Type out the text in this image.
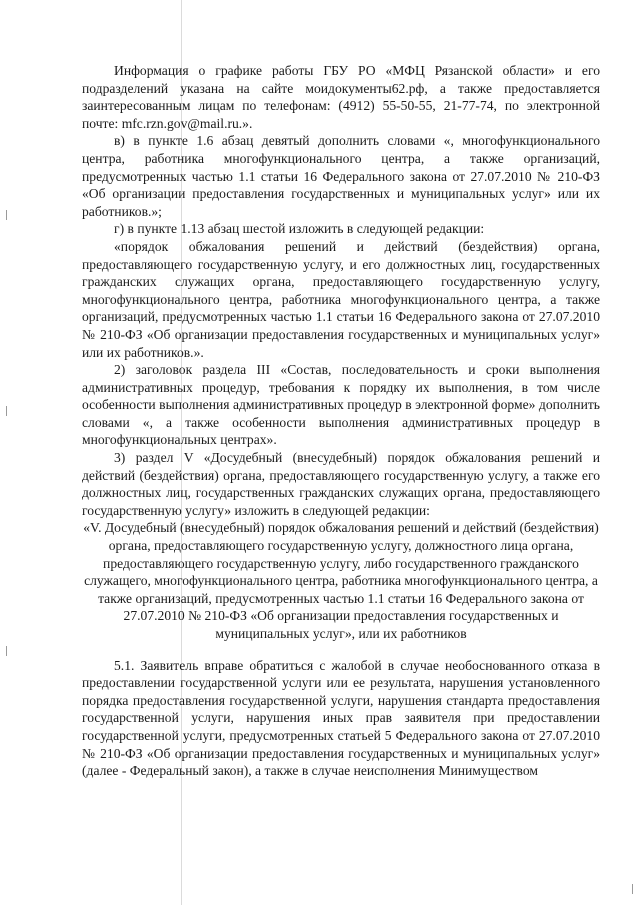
Информация о графике работы ГБУ РО «МФЦ Рязанской области» и его подразделений указана на сайте моидокументы62.рф, а также предоставляется заинтересованным лицам по телефонам: (4912) 55-50-55, 21-77-74, по электронной почте: mfc.rzn.gov@mail.ru.».

в) в пункте 1.6 абзац девятый дополнить словами «, многофункционального центра, работника многофункционального центра, а также организаций, предусмотренных частью 1.1 статьи 16 Федерального закона от 27.07.2010 № 210-ФЗ «Об организации предоставления государственных и муниципальных услуг» или их работников.»;

г) в пункте 1.13 абзац шестой изложить в следующей редакции:

«порядок обжалования решений и действий (бездействия) органа, предоставляющего государственную услугу, и его должностных лиц, государственных гражданских служащих органа, предоставляющего государственную услугу, многофункционального центра, работника многофункционального центра, а также организаций, предусмотренных частью 1.1 статьи 16 Федерального закона от 27.07.2010 № 210-ФЗ «Об организации предоставления государственных и муниципальных услуг» или их работников.».

2) заголовок раздела III «Состав, последовательность и сроки выполнения административных процедур, требования к порядку их выполнения, в том числе особенности выполнения административных процедур в электронной форме» дополнить словами «, а также особенности выполнения административных процедур в многофункциональных центрах».

3) раздел V «Досудебный (внесудебный) порядок обжалования решений и действий (бездействия) органа, предоставляющего государственную услугу, а также его должностных лиц, государственных гражданских служащих органа, предоставляющего государственную услугу» изложить в следующей редакции:

«V. Досудебный (внесудебный) порядок обжалования решений и действий (бездействия) органа, предоставляющего государственную услугу, должностного лица органа, предоставляющего государственную услугу, либо государственного гражданского служащего, многофункционального центра, работника многофункционального центра, а также организаций, предусмотренных частью 1.1 статьи 16 Федерального закона от 27.07.2010 № 210-ФЗ «Об организации предоставления государственных и муниципальных услуг», или их работников

5.1. Заявитель вправе обратиться с жалобой в случае необоснованного отказа в предоставлении государственной услуги или ее результата, нарушения установленного порядка предоставления государственной услуги, нарушения стандарта предоставления государственной услуги, нарушения иных прав заявителя при предоставлении государственной услуги, предусмотренных статьей 5 Федерального закона от 27.07.2010 № 210-ФЗ «Об организации предоставления государственных и муниципальных услуг» (далее - Федеральный закон), а также в случае неисполнения Минимуществом
